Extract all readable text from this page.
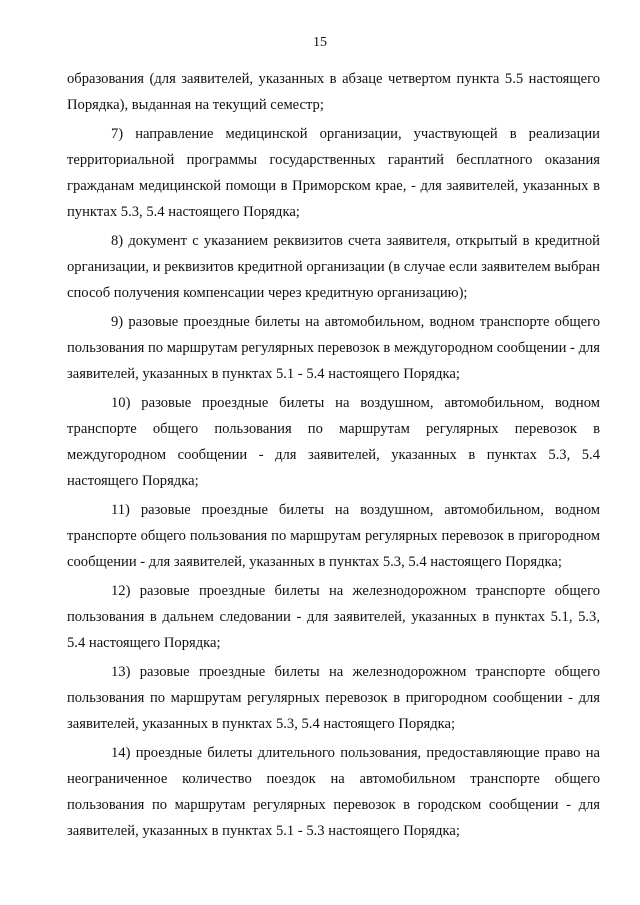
15

образования (для заявителей, указанных в абзаце четвертом пункта 5.5 настоящего Порядка), выданная на текущий семестр;

7) направление медицинской организации, участвующей в реализации территориальной программы государственных гарантий бесплатного оказания гражданам медицинской помощи в Приморском крае, - для заявителей, указанных в пунктах 5.3, 5.4 настоящего Порядка;

8) документ с указанием реквизитов счета заявителя, открытый в кредитной организации, и реквизитов кредитной организации (в случае если заявителем выбран способ получения компенсации через кредитную организацию);

9) разовые проездные билеты на автомобильном, водном транспорте общего пользования по маршрутам регулярных перевозок в междугородном сообщении - для заявителей, указанных в пунктах 5.1 - 5.4 настоящего Порядка;

10) разовые проездные билеты на воздушном, автомобильном, водном транспорте общего пользования по маршрутам регулярных перевозок в междугородном сообщении - для заявителей, указанных в пунктах 5.3, 5.4 настоящего Порядка;

11) разовые проездные билеты на воздушном, автомобильном, водном транспорте общего пользования по маршрутам регулярных перевозок в пригородном сообщении - для заявителей, указанных в пунктах 5.3, 5.4 настоящего Порядка;

12) разовые проездные билеты на железнодорожном транспорте общего пользования в дальнем следовании - для заявителей, указанных в пунктах 5.1, 5.3, 5.4 настоящего Порядка;

13) разовые проездные билеты на железнодорожном транспорте общего пользования по маршрутам регулярных перевозок в пригородном сообщении - для заявителей, указанных в пунктах 5.3, 5.4 настоящего Порядка;

14) проездные билеты длительного пользования, предоставляющие право на неограниченное количество поездок на автомобильном транспорте общего пользования по маршрутам регулярных перевозок в городском сообщении - для заявителей, указанных в пунктах 5.1 - 5.3 настоящего Порядка;
